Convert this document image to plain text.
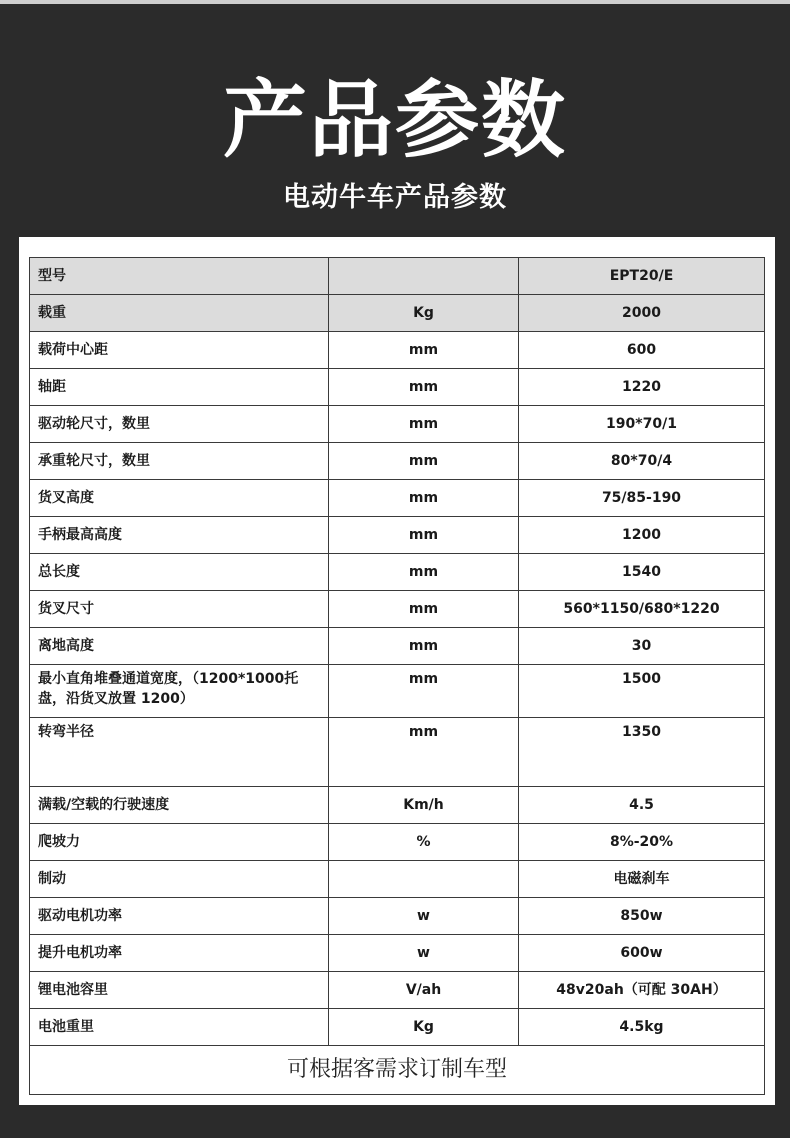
产品参数
电动牛车产品参数
型号		EPT20/E
载重	Kg	2000
载荷中心距	mm	600
轴距	mm	1220
驱动轮尺寸，数里	mm	190*70/1
承重轮尺寸，数里	mm	80*70/4
货叉高度	mm	75/85-190
手柄最高高度	mm	1200
总长度	mm	1540
货叉尺寸	mm	560*1150/680*1220
离地高度	mm	30
最小直角堆叠通道宽度，（1200*1000托盘，沿货叉放置 1200）	mm	1500
转弯半径	mm	1350
满载/空载的行驶速度	Km/h	4.5
爬坡力	%	8%-20%
制动		电磁刹车
驱动电机功率	w	850w
提升电机功率	w	600w
锂电池容里	V/ah	48v20ah（可配 30AH）
电池重里	Kg	4.5kg
可根据客需求订制车型		
